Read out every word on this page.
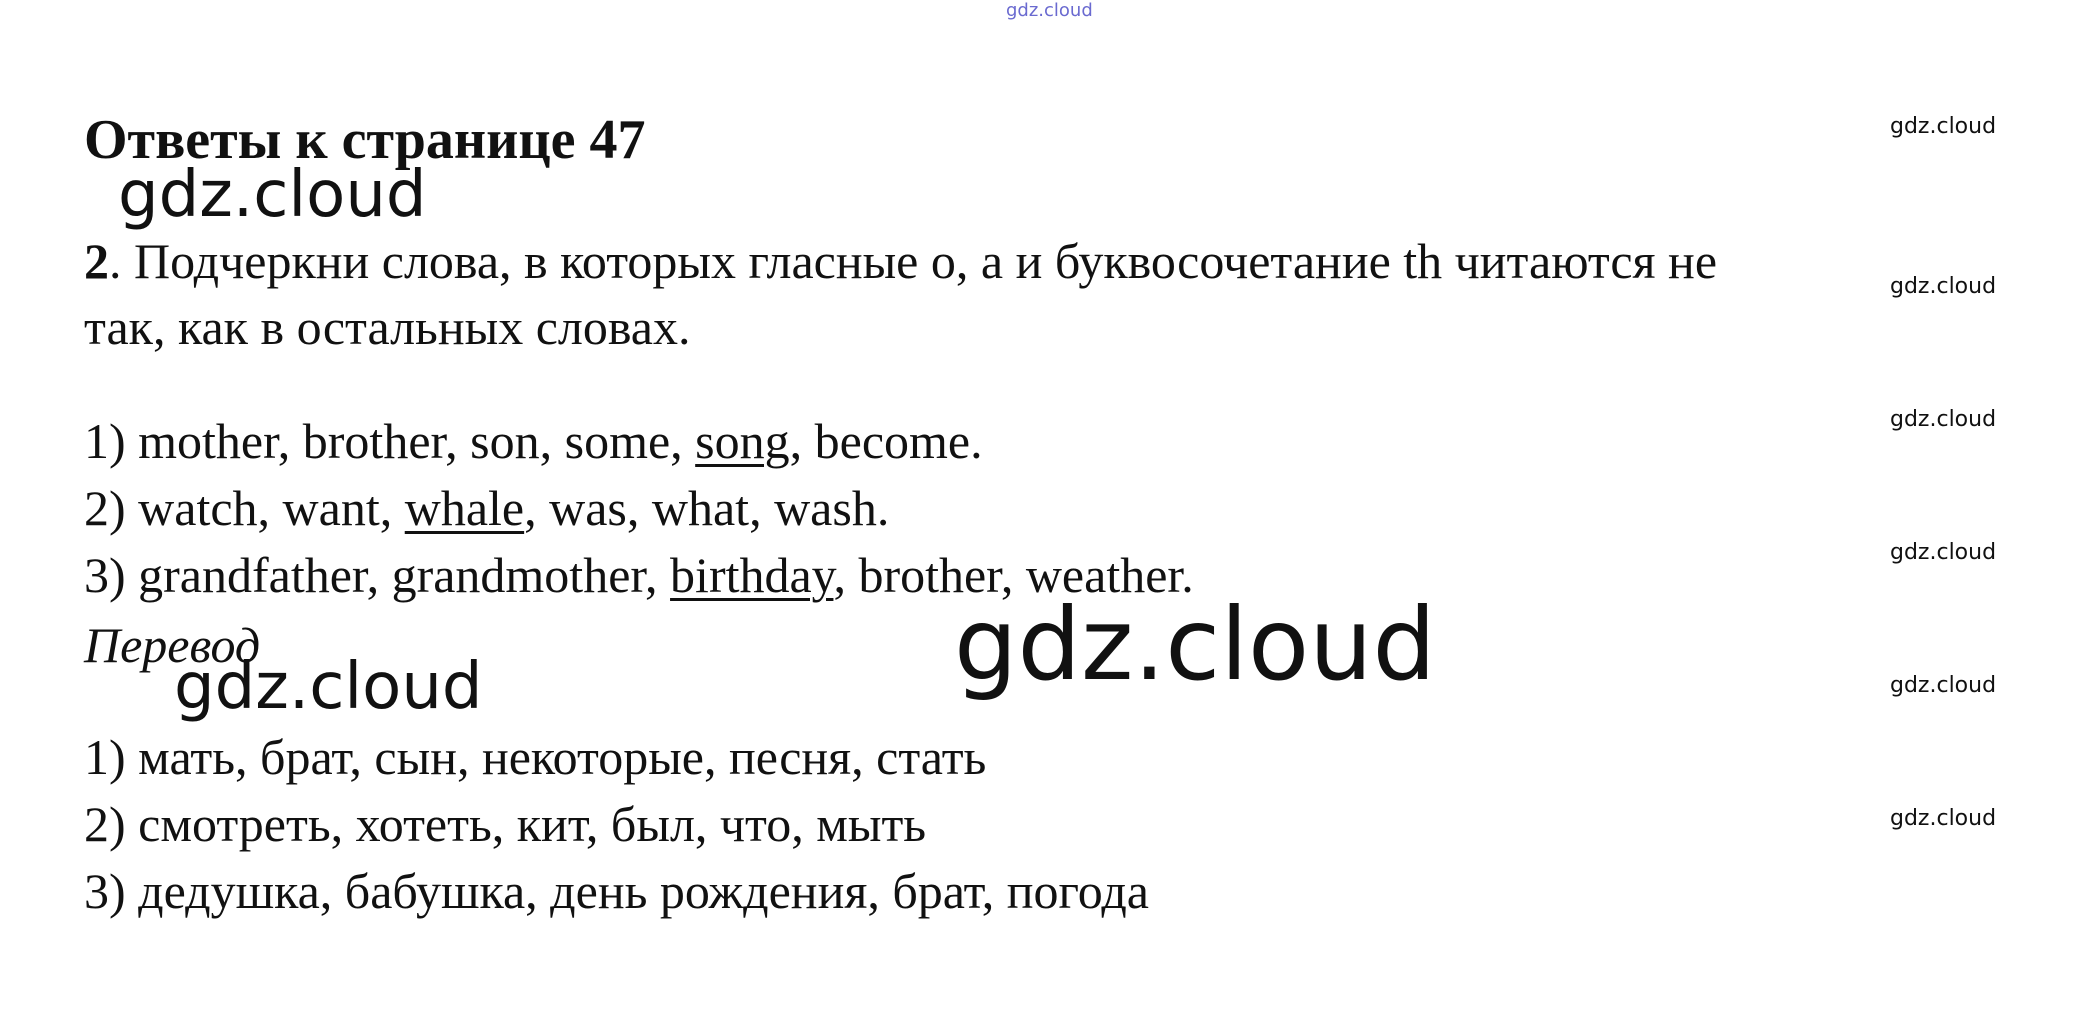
gdz.cloud
Ответы к странице 47
gdz.cloud
gdz.cloud
gdz.cloud
gdz.cloud
gdz.cloud
gdz.cloud
gdz.cloud
2. Подчеркни слова, в которых гласные o, a и буквосочетание th читаются не
так, как в остальных словах.
1) mother, brother, son, some, song, become.
2) watch, want, whale, was, what, wash.
3) grandfather, grandmother, birthday, brother, weather.
Перевод	gdz.cloud
gdz.cloud
1) мать, брат, сын, некоторые, песня, стать
2) смотреть, хотеть, кит, был, что, мыть
3) дедушка, бабушка, день рождения, брат, погода
